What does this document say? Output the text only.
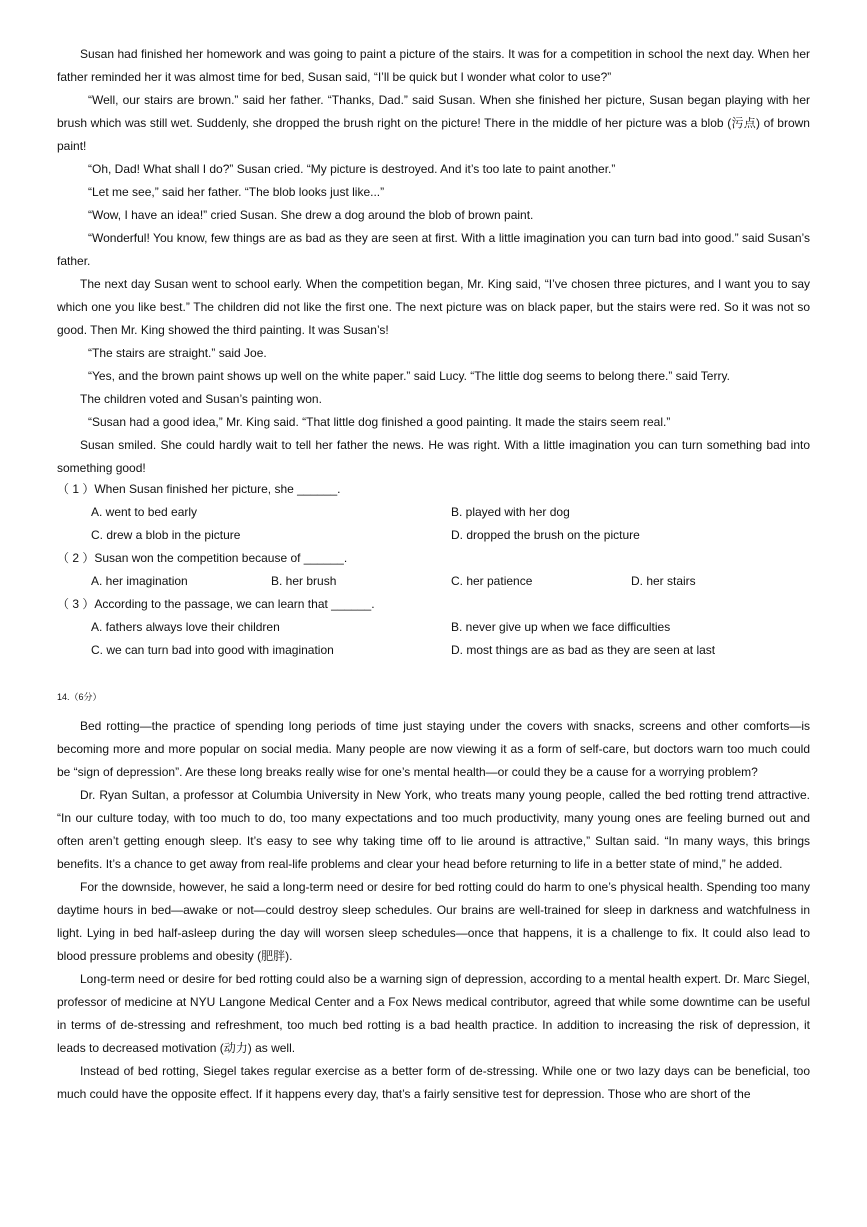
Susan had finished her homework and was going to paint a picture of the stairs. It was for a competition in school the next day. When her father reminded her it was almost time for bed, Susan said, “I’ll be quick but I wonder what color to use?”

“Well, our stairs are brown.” said her father. “Thanks, Dad.” said Susan. When she finished her picture, Susan began playing with her brush which was still wet. Suddenly, she dropped the brush right on the picture! There in the middle of her picture was a blob (污点) of brown paint!

“Oh, Dad! What shall I do?” Susan cried. “My picture is destroyed. And it’s too late to paint another.”

“Let me see,” said her father. “The blob looks just like...”

“Wow, I have an idea!” cried Susan. She drew a dog around the blob of brown paint.

“Wonderful! You know, few things are as bad as they are seen at first. With a little imagination you can turn bad into good.” said Susan’s father.

The next day Susan went to school early. When the competition began, Mr. King said, “I’ve chosen three pictures, and I want you to say which one you like best.” The children did not like the first one. The next picture was on black paper, but the stairs were red. So it was not so good. Then Mr. King showed the third painting. It was Susan’s!

“The stairs are straight.” said Joe.

“Yes, and the brown paint shows up well on the white paper.” said Lucy. “The little dog seems to belong there.” said Terry.

The children voted and Susan’s painting won.

“Susan had a good idea,” Mr. King said. “That little dog finished a good painting. It made the stairs seem real.”

Susan smiled. She could hardly wait to tell her father the news. He was right. With a little imagination you can turn something bad into something good!

（ 1 ）When Susan finished her picture, she ______.

A. went to bed early	B. played with her dog
C. drew a blob in the picture	D. dropped the brush on the picture

（ 2 ）Susan won the competition because of ______.

A. her imagination	B. her brush	C. her patience	D. her stairs

（ 3 ）According to the passage, we can learn that ______.

A. fathers always love their children	B. never give up when we face difficulties
C. we can turn bad into good with imagination	D. most things are as bad as they are seen at last
14.（6分）

Bed rotting—the practice of spending long periods of time just staying under the covers with snacks, screens and other comforts—is becoming more and more popular on social media. Many people are now viewing it as a form of self-care, but doctors warn too much could be “sign of depression”. Are these long breaks really wise for one’s mental health—or could they be a cause for a worrying problem?

Dr. Ryan Sultan, a professor at Columbia University in New York, who treats many young people, called the bed rotting trend attractive. “In our culture today, with too much to do, too many expectations and too much productivity, many young ones are feeling burned out and often aren’t getting enough sleep. It’s easy to see why taking time off to lie around is attractive,” Sultan said. “In many ways, this brings benefits. It’s a chance to get away from real-life problems and clear your head before returning to life in a better state of mind,” he added.

For the downside, however, he said a long-term need or desire for bed rotting could do harm to one’s physical health. Spending too many daytime hours in bed—awake or not—could destroy sleep schedules. Our brains are well-trained for sleep in darkness and watchfulness in light. Lying in bed half-asleep during the day will worsen sleep schedules—once that happens, it is a challenge to fix. It could also lead to blood pressure problems and obesity (肥胖).

Long-term need or desire for bed rotting could also be a warning sign of depression, according to a mental health expert. Dr. Marc Siegel, professor of medicine at NYU Langone Medical Center and a Fox News medical contributor, agreed that while some downtime can be useful in terms of de-stressing and refreshment, too much bed rotting is a bad health practice. In addition to increasing the risk of depression, it leads to decreased motivation (动力) as well.

Instead of bed rotting, Siegel takes regular exercise as a better form of de-stressing. While one or two lazy days can be beneficial, too much could have the opposite effect. If it happens every day, that’s a fairly sensitive test for depression. Those who are short of the
